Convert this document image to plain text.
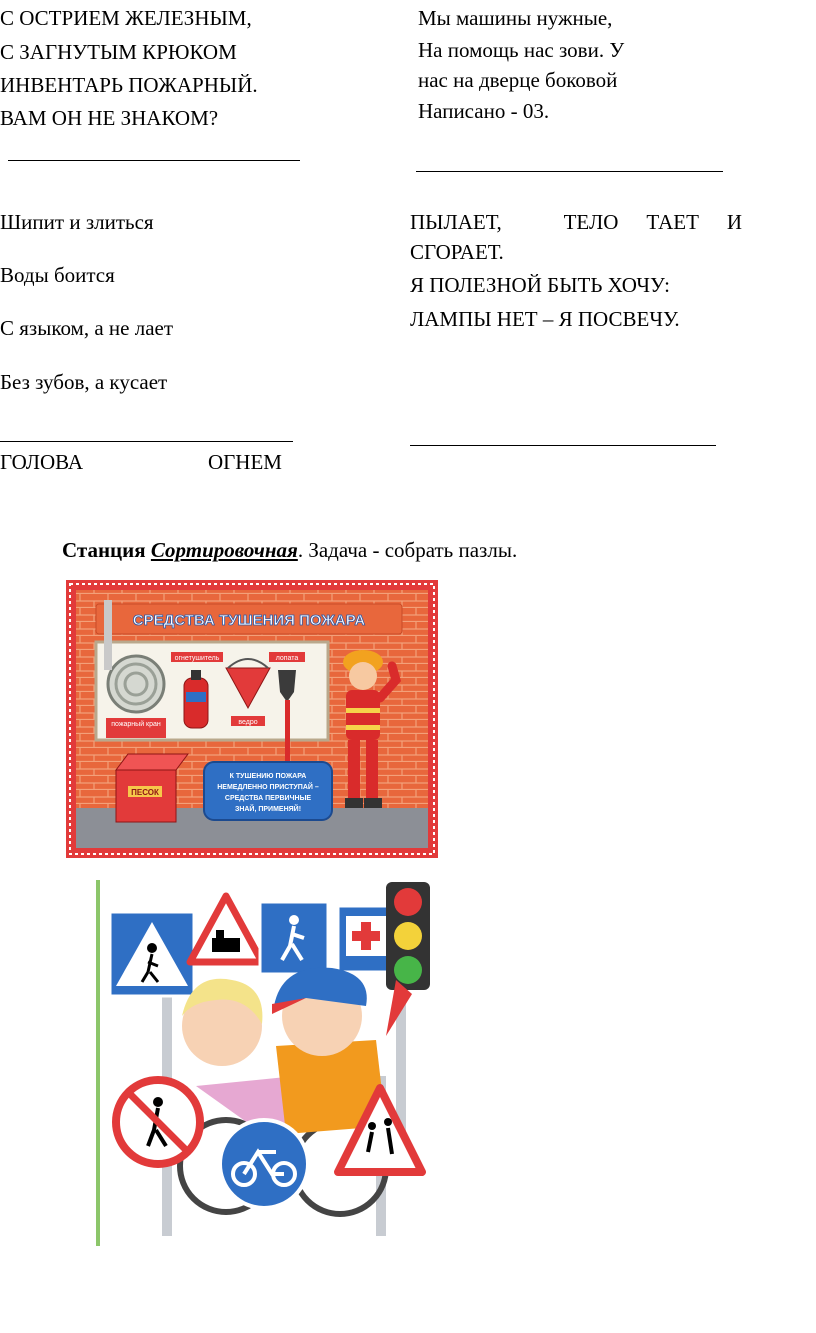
С ОСТРИЕМ ЖЕЛЕЗНЫМ,
С ЗАГНУТЫМ КРЮКОМ
ИНВЕНТАРЬ ПОЖАРНЫЙ.
ВАМ ОН НЕ ЗНАКОМ?
Мы машины нужные,
На помощь нас зови. У
нас на дверце боковой
Написано - 03.
Шипит и злиться
Воды боится
С языком, а не лает
Без зубов, а кусает
ГОЛОВА	ОГНЕМ
ПЫЛАЕТ,	ТЕЛО ТАЕТ И
СГОРАЕТ.
Я ПОЛЕЗНОЙ БЫТЬ ХОЧУ:
ЛАМПЫ НЕТ – Я ПОСВЕЧУ.
Станция Сортировочная. Задача - собрать пазлы.
СРЕДСТВА ТУШЕНИЯ ПОЖАРА
пожарный кран
огнетушитель
ведро
лопата
ПЕСОК
К ТУШЕНИЮ ПОЖАРА
НЕМЕДЛЕННО ПРИСТУПАЙ –
СРЕДСТВА ПЕРВИЧНЫЕ
ЗНАЙ, ПРИМЕНЯЙ!
